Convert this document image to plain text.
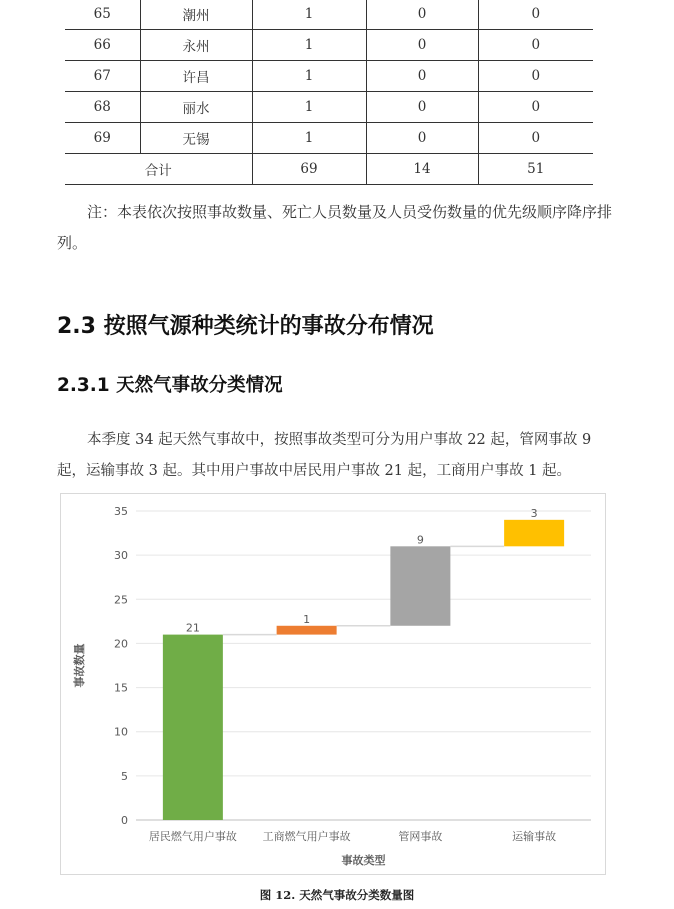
65	潮州	1	0	0
66	永州	1	0	0
67	许昌	1	0	0
68	丽水	1	0	0
69	无锡	1	0	0
合计		69	14	51

注：本表依次按照事故数量、死亡人员数量及人员受伤数量的优先级顺序降序排列。

2.3 按照气源种类统计的事故分布情况
2.3.1 天然气事故分类情况

本季度 34 起天然气事故中，按照事故类型可分为用户事故 22 起，管网事故 9 起，运输事故 3 起。其中用户事故中居民用户事故 21 起，工商用户事故 1 起。

0
5
10
15
20
25
30
35
21
居民燃气用户事故
1
工商燃气用户事故
9
管网事故
3
运输事故
事故类型
事故数量

图 12. 天然气事故分类数量图
